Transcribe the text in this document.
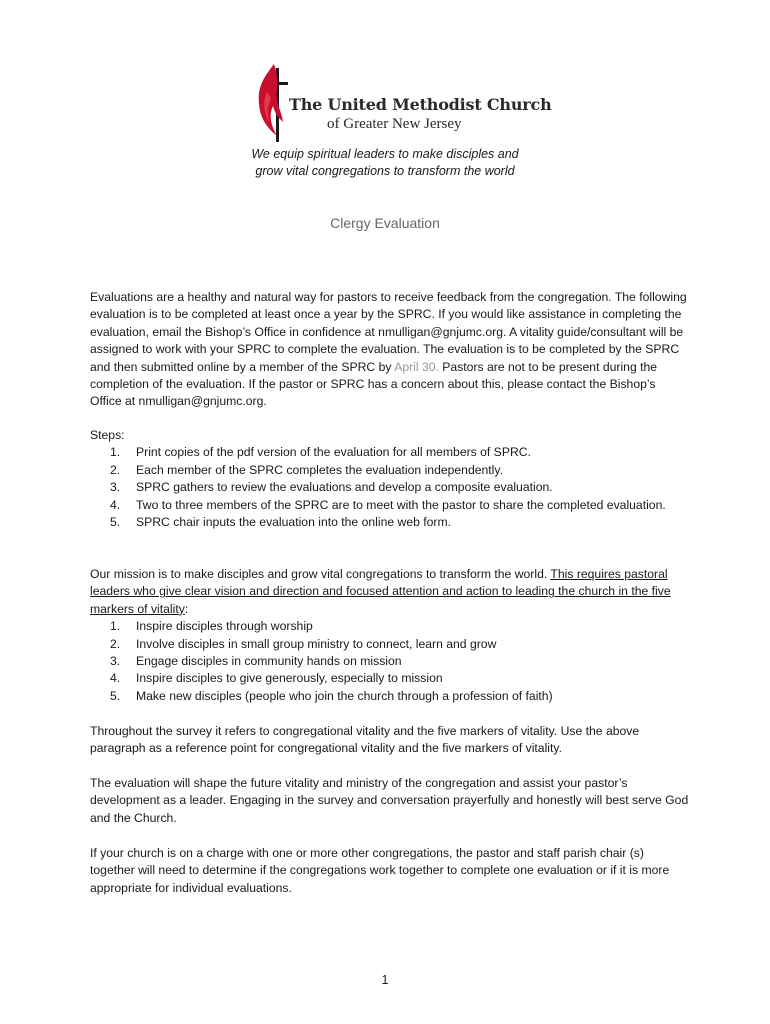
The United Methodist Church
of Greater New Jersey
We equip spiritual leaders to make disciples and
grow vital congregations to transform the world
Clergy Evaluation
Evaluations are a healthy and natural way for pastors to receive feedback from the congregation. The following evaluation is to be completed at least once a year by the SPRC. If you would like assistance in completing the evaluation, email the Bishop’s Office in confidence at nmulligan@gnjumc.org. A vitality guide/consultant will be assigned to work with your SPRC to complete the evaluation. The evaluation is to be completed by the SPRC and then submitted online by a member of the SPRC by April 30. Pastors are not to be present during the completion of the evaluation. If the pastor or SPRC has a concern about this, please contact the Bishop’s Office at nmulligan@gnjumc.org.
Steps:
1.	Print copies of the pdf version of the evaluation for all members of SPRC.
2.	Each member of the SPRC completes the evaluation independently.
3.	SPRC gathers to review the evaluations and develop a composite evaluation.
4.	Two to three members of the SPRC are to meet with the pastor to share the completed evaluation.
5.	SPRC chair inputs the evaluation into the online web form.
Our mission is to make disciples and grow vital congregations to transform the world. This requires pastoral leaders who give clear vision and direction and focused attention and action to leading the church in the five markers of vitality:
1.	Inspire disciples through worship
2.	Involve disciples in small group ministry to connect, learn and grow
3.	Engage disciples in community hands on mission
4.	Inspire disciples to give generously, especially to mission
5.	Make new disciples (people who join the church through a profession of faith)
Throughout the survey it refers to congregational vitality and the five markers of vitality. Use the above paragraph as a reference point for congregational vitality and the five markers of vitality.
The evaluation will shape the future vitality and ministry of the congregation and assist your pastor’s development as a leader. Engaging in the survey and conversation prayerfully and honestly will best serve God and the Church.
If your church is on a charge with one or more other congregations, the pastor and staff parish chair (s) together will need to determine if the congregations work together to complete one evaluation or if it is more appropriate for individual evaluations.
1
